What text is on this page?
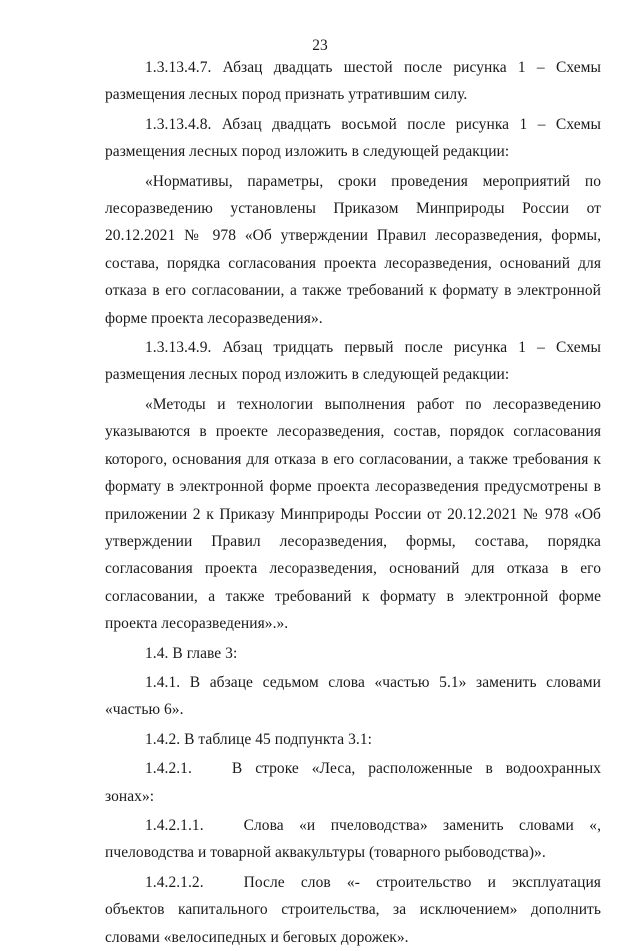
23

1.3.13.4.7. Абзац двадцать шестой после рисунка 1 – Схемы размещения лесных пород признать утратившим силу.

1.3.13.4.8. Абзац двадцать восьмой после рисунка 1 – Схемы размещения лесных пород изложить в следующей редакции:

«Нормативы, параметры, сроки проведения мероприятий по лесоразведению установлены Приказом Минприроды России от 20.12.2021 № 978 «Об утверждении Правил лесоразведения, формы, состава, порядка согласования проекта лесоразведения, оснований для отказа в его согласовании, а также требований к формату в электронной форме проекта лесоразведения».

1.3.13.4.9. Абзац тридцать первый после рисунка 1 – Схемы размещения лесных пород изложить в следующей редакции:

«Методы и технологии выполнения работ по лесоразведению указываются в проекте лесоразведения, состав, порядок согласования которого, основания для отказа в его согласовании, а также требования к формату в электронной форме проекта лесоразведения предусмотрены в приложении 2 к Приказу Минприроды России от 20.12.2021 № 978 «Об утверждении Правил лесоразведения, формы, состава, порядка согласования проекта лесоразведения, оснований для отказа в его согласовании, а также требований к формату в электронной форме проекта лесоразведения».».

1.4. В главе 3:

1.4.1. В абзаце седьмом слова «частью 5.1» заменить словами «частью 6».

1.4.2. В таблице 45 подпункта 3.1:

1.4.2.1.	В строке «Леса, расположенные в водоохранных зонах»:

1.4.2.1.1.	Слова «и пчеловодства» заменить словами «, пчеловодства и товарной аквакультуры (товарного рыбоводства)».

1.4.2.1.2.	После слов «- строительство и эксплуатация объектов капитального строительства, за исключением» дополнить словами «велосипедных и беговых дорожек».
